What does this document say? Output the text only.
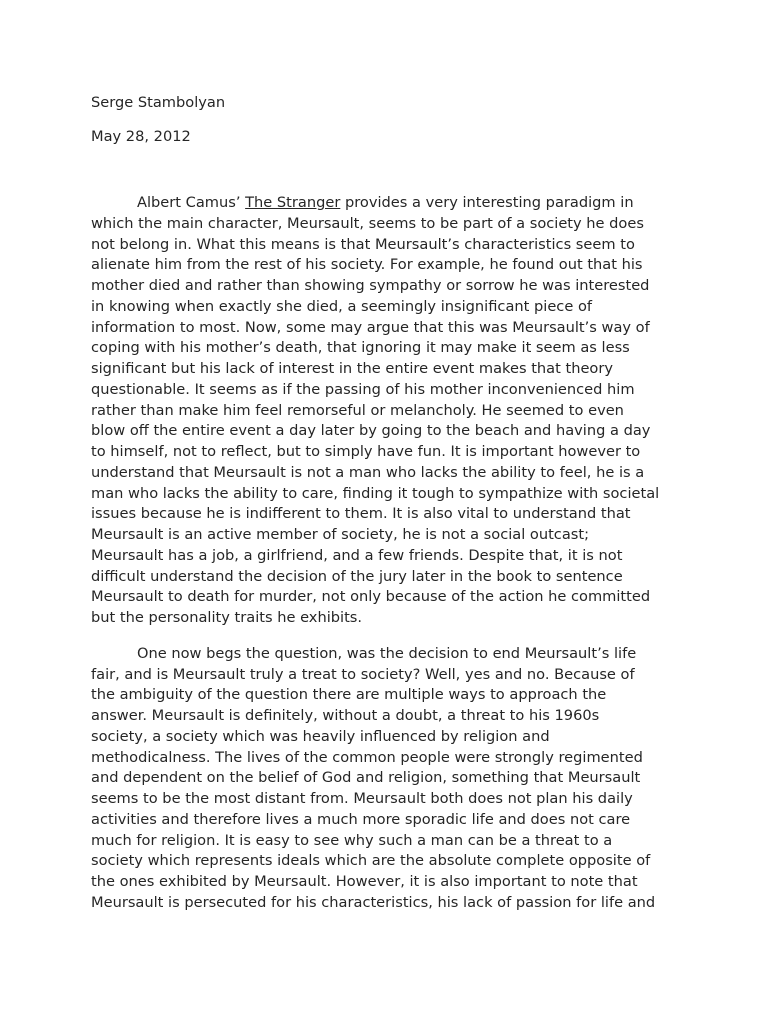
Serge Stambolyan
May 28, 2012
Albert Camus’ The Stranger provides a very interesting paradigm in
which the main character, Meursault, seems to be part of a society he does
not belong in. What this means is that Meursault’s characteristics seem to
alienate him from the rest of his society. For example, he found out that his
mother died and rather than showing sympathy or sorrow he was interested
in knowing when exactly she died, a seemingly insignificant piece of
information to most. Now, some may argue that this was Meursault’s way of
coping with his mother’s death, that ignoring it may make it seem as less
significant but his lack of interest in the entire event makes that theory
questionable. It seems as if the passing of his mother inconvenienced him
rather than make him feel remorseful or melancholy. He seemed to even
blow off the entire event a day later by going to the beach and having a day
to himself, not to reflect, but to simply have fun. It is important however to
understand that Meursault is not a man who lacks the ability to feel, he is a
man who lacks the ability to care, finding it tough to sympathize with societal
issues because he is indifferent to them. It is also vital to understand that
Meursault is an active member of society, he is not a social outcast;
Meursault has a job, a girlfriend, and a few friends. Despite that, it is not
difficult understand the decision of the jury later in the book to sentence
Meursault to death for murder, not only because of the action he committed
but the personality traits he exhibits.
One now begs the question, was the decision to end Meursault’s life
fair, and is Meursault truly a treat to society? Well, yes and no. Because of
the ambiguity of the question there are multiple ways to approach the
answer. Meursault is definitely, without a doubt, a threat to his 1960s
society, a society which was heavily influenced by religion and
methodicalness. The lives of the common people were strongly regimented
and dependent on the belief of God and religion, something that Meursault
seems to be the most distant from. Meursault both does not plan his daily
activities and therefore lives a much more sporadic life and does not care
much for religion. It is easy to see why such a man can be a threat to a
society which represents ideals which are the absolute complete opposite of
the ones exhibited by Meursault. However, it is also important to note that
Meursault is persecuted for his characteristics, his lack of passion for life and
